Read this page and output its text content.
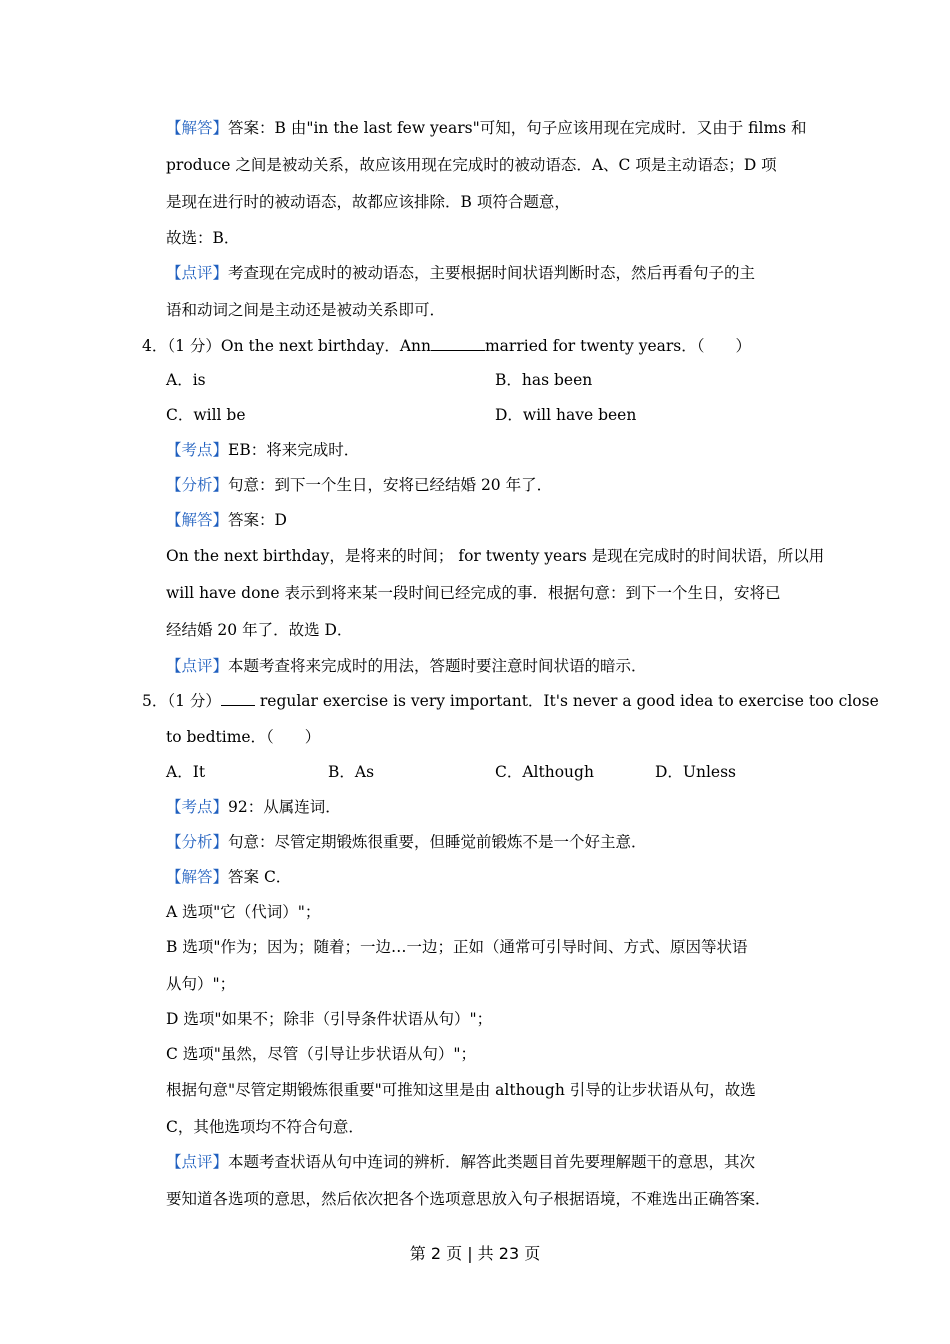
【解答】答案：B 由"in the last few years"可知，句子应该用现在完成时．又由于 films 和
produce 之间是被动关系，故应该用现在完成时的被动语态．A、C 项是主动语态；D 项
是现在进行时的被动语态，故都应该排除．B 项符合题意，
故选：B．
【点评】考查现在完成时的被动语态，主要根据时间状语判断时态，然后再看句子的主
语和动词之间是主动还是被动关系即可．
4．（1 分）On the next birthday．Ann	married for twenty years．（　　）
A．is	B．has been
C．will be	D．will have been
【考点】EB：将来完成时．
【分析】句意：到下一个生日，安将已经结婚 20 年了．
【解答】答案：D
On the next birthday，是将来的时间； for twenty years 是现在完成时的时间状语，所以用
will have done 表示到将来某一段时间已经完成的事．根据句意：到下一个生日，安将已
经结婚 20 年了．故选 D．
【点评】本题考查将来完成时的用法，答题时要注意时间状语的暗示．
5．（1 分）	regular exercise is very important．It's never a good idea to exercise too close
to bedtime．（　　）
A．It	B．As	C．Although	D．Unless
【考点】92：从属连词．
【分析】句意：尽管定期锻炼很重要，但睡觉前锻炼不是一个好主意．
【解答】答案 C．
A 选项"它（代词）"；
B 选项"作为；因为；随着；一边…一边；正如（通常可引导时间、方式、原因等状语
从句）"；
D 选项"如果不；除非（引导条件状语从句）"；
C 选项"虽然，尽管（引导让步状语从句）"；
根据句意"尽管定期锻炼很重要"可推知这里是由 although 引导的让步状语从句，故选
C，其他选项均不符合句意．
【点评】本题考查状语从句中连词的辨析．解答此类题目首先要理解题干的意思，其次
要知道各选项的意思，然后依次把各个选项意思放入句子根据语境，不难选出正确答案．
第 2 页 | 共 23 页
